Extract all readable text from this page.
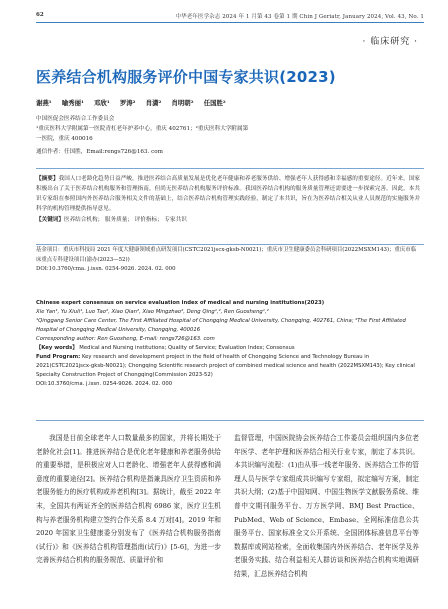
62	中华老年医学杂志 2024 年 1 月第 43 卷第 1 期 Chin J Geriatr, January 2024, Vol. 43, No. 1
· 临床研究 ·
医养结合机构服务评价中国专家共识(2023)
谢燕¹ 喻秀丽¹ 邓欣¹ 罗涛² 肖潇² 肖明朝² 任国胜²
中国医促会医养结合工作委员会
¹重庆医科大学附属第一医院青杠老年护养中心，重庆 402761；²重庆医科大学附属第
一医院，重庆 400016
通信作者：任国胜，Email:rengs726@163. com
【摘要】我国人口老龄化趋势日益严峻，推进医养结合高质量发展是优化老年健康和养老服务供给、增强老年人获得感和幸福感的重要途径。近年来，国家积极出台了关于医养结合机构服务和管理指南，但尚无医养结合机构服务评价标准。我国医养结合机构的服务质量管理还需要进一步探索完善。因此，本共识专家组在参照国内外医养结合服务相关文件的基础上，结合医养结合机构管理实践经验，制定了本共识，旨在为医养结合相关从业人员规范的实施服务并科学的机构管理提供指导意见。
【关键词】医养结合机构； 服务质量； 评价指标； 专家共识
基金项目：重庆市科技局 2021 年度大健康领域重点研发项目(CSTC2021jscx-gksb-N0021)；重庆市卫生健康委员会科研项目(2022MSXM143)；重庆市临床重点专科建设项目(渝办(2023—52))
DOI:10.3760/cma. j.issn. 0254-9026. 2024. 02. 000
Chinese expert consensus on service evaluation index of medical and nursing institutions(2023)
Xie Yan¹, Yu Xiuli¹, Luo Tao², Xiao Qian², Xiao Mingzhao², Deng Qing¹,², Ren Guosheng¹,²
¹Qinggang Senior Care Center, The First Affiliated Hospital of Chongqing Medical University, Chongqing, 402761, China; ²The First Affiliated Hospital of Chongqing Medical University, Chongqing, 400016
Corresponding author: Ren Guosheng, E-mail: rengs726@163. com
【Key words】 Medical and Nursing institutions; Quality of Service; Evaluation Index; Consensus
Fund Program: Key research and development project in the field of health of Chongqing Science and Technology Bureau in 2021(CSTC2021jscx-gksb-N0021); Chongqing Scientific research project of combined medical science and health (2022MSXM143); Key clinical Specialty Construction Project of Chongqing(Commission 2023-52)
DOI:10.3760/cma. j.issn. 0254-9026. 2024. 02. 000
我国是目前全球老年人口数量最多的国家，并将长期处于老龄化社会[1]。推进医养结合是优化老年健康和养老服务供给的重要举措，是积极应对人口老龄化、增强老年人获得感和满意度的重要途径[2]。医养结合机构是指兼具医疗卫生资质和养老服务能力的医疗机构或养老机构[3]。据统计，截至 2022 年末，全国共有两证齐全的医养结合机构 6986 家，医疗卫生机构与养老服务机构建立签约合作关系 8.4 万对[4]。2019 年和 2020 年国家卫生健康委分别发布了《医养结合机构服务指南(试行)》和《医养结合机构管理指南(试行)》[5-6]，为进一步完善医养结合机构的服务规范、质量评价和
监督管理，中国医院协会医养结合工作委员会组织国内多位老年医学、老年护理和医养结合相关行业专家，制定了本共识。本共识编写流程：(1)由从事一线老年服务、医养结合工作的管理人员与医学专家组成共识编写专家组，拟定编写方案，制定共识大纲；(2)基于中国知网、中国生物医学文献服务系统、维普中文期刊服务平台、万方医学网、BMJ Best Practice、PubMed、Web of Science、Embase、全网标准信息公共服务平台、国家标准全文公开系统、全国团体标准信息平台等数据库或网站检索，全面收集国内外医养结合、老年医学及养老服务实践、结合利益相关人群访谈和医养结合机构实地调研结果，汇总医养结合机构
